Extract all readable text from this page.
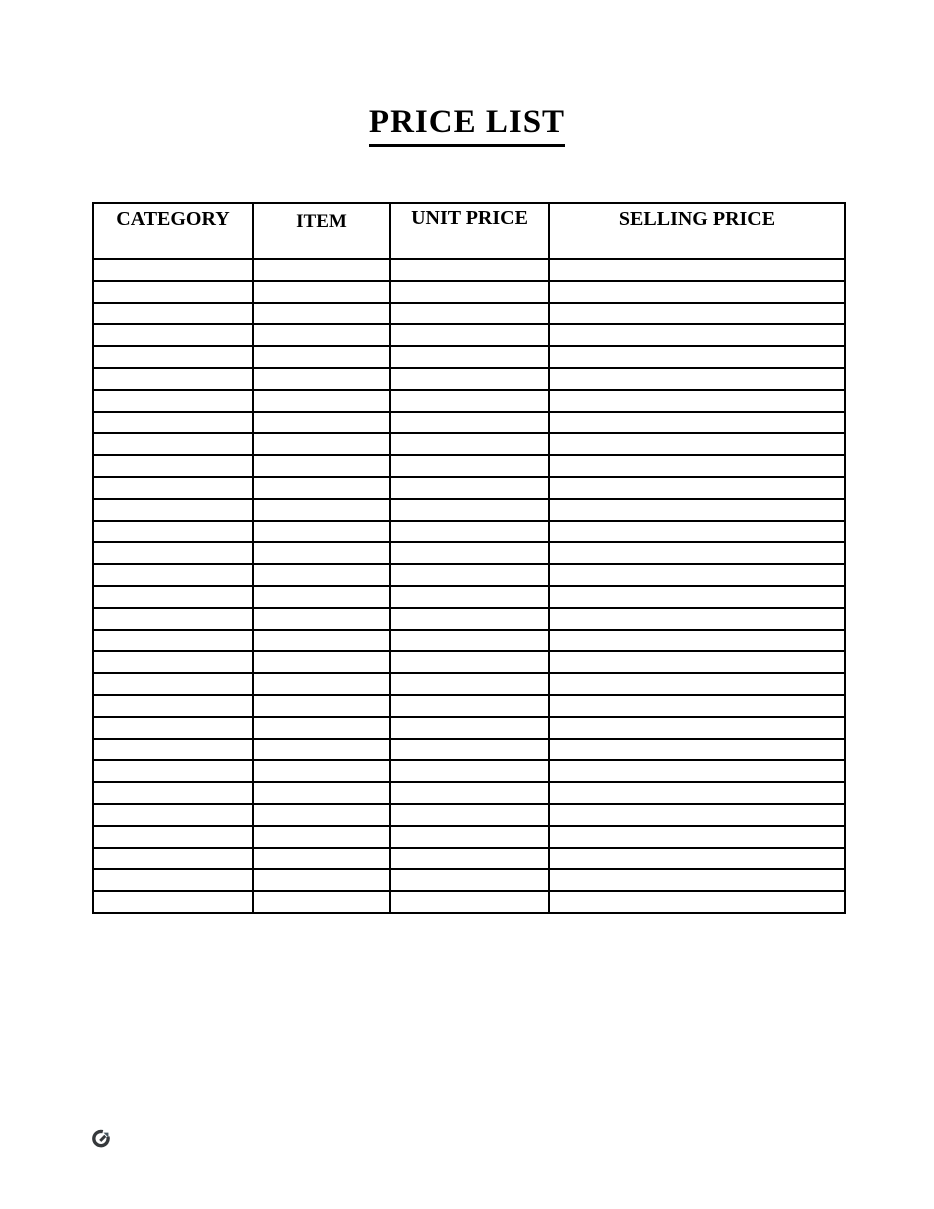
PRICE LIST
CATEGORY	ITEM	UNIT PRICE	SELLING PRICE
